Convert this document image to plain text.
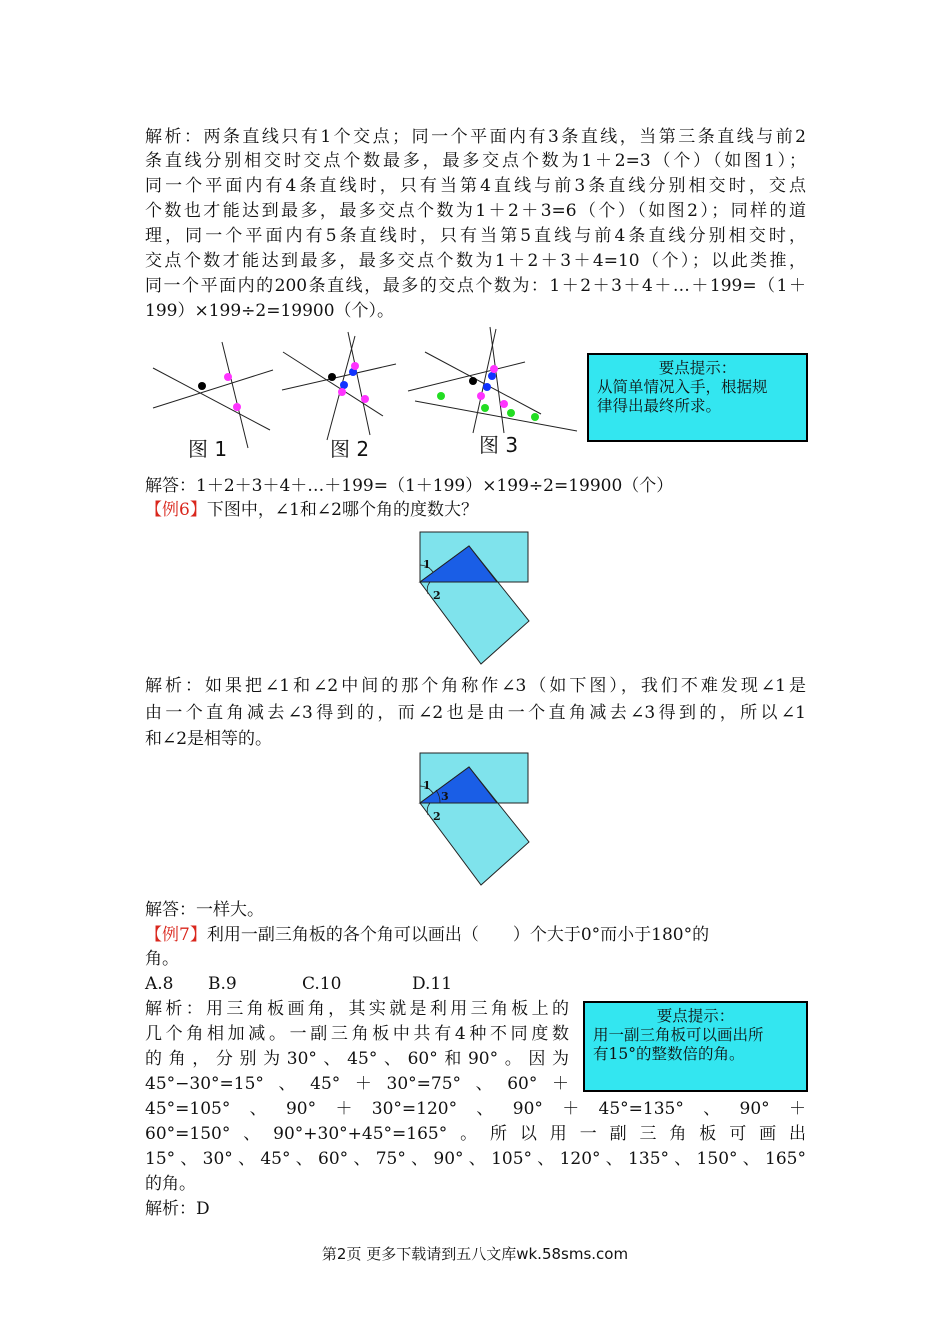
解析：两条直线只有1个交点；同一个平面内有3条直线，当第三条直线与前2
条直线分别相交时交点个数最多，最多交点个数为1＋2=3（个）（如图1）；
同一个平面内有4条直线时，只有当第4直线与前3条直线分别相交时，交点
个数也才能达到最多，最多交点个数为1＋2＋3=6（个）（如图2）；同样的道
理，同一个平面内有5条直线时，只有当第5直线与前4条直线分别相交时，
交点个数才能达到最多，最多交点个数为1＋2＋3＋4=10（个）；以此类推，
同一个平面内的200条直线，最多的交点个数为：1＋2＋3＋4＋…＋199=（1＋
199）×199÷2=19900（个）。
图 1	图 2	图 3
要点提示：
从简单情况入手，根据规
律得出最终所求。
解答：1＋2＋3＋4＋…＋199=（1＋199）×199÷2=19900（个）
【例6】下图中，∠1和∠2哪个角的度数大？
1
2
解析：如果把∠1和∠2中间的那个角称作∠3（如下图），我们不难发现∠1是
由一个直角减去∠3得到的，而∠2也是由一个直角减去∠3得到的，所以∠1
和∠2是相等的。
1
3
2
解答：一样大。
【例7】利用一副三角板的各个角可以画出（　　）个大于0°而小于180°的
角。
A.8 B.9	C.10	D.11
解析：用三角板画角，其实就是利用三角板上的
几个角相加减。一副三角板中共有4种不同度数
的角，分别为30°、45°、60°和90°。因为
45°−30°=15°、45°＋30°=75°、60°＋
要点提示：
用一副三角板可以画出所
有15°的整数倍的角。
45°=105°、90°＋30°=120°、90°＋45°=135°、90°＋
60°=150°、90°+30°+45°=165°。所以用一副三角板可画出
15°、30°、45°、60°、75°、90°、105°、120°、135°、150°、165°
的角。
解析：D
第2页 更多下载请到五八文库wk.58sms.com
